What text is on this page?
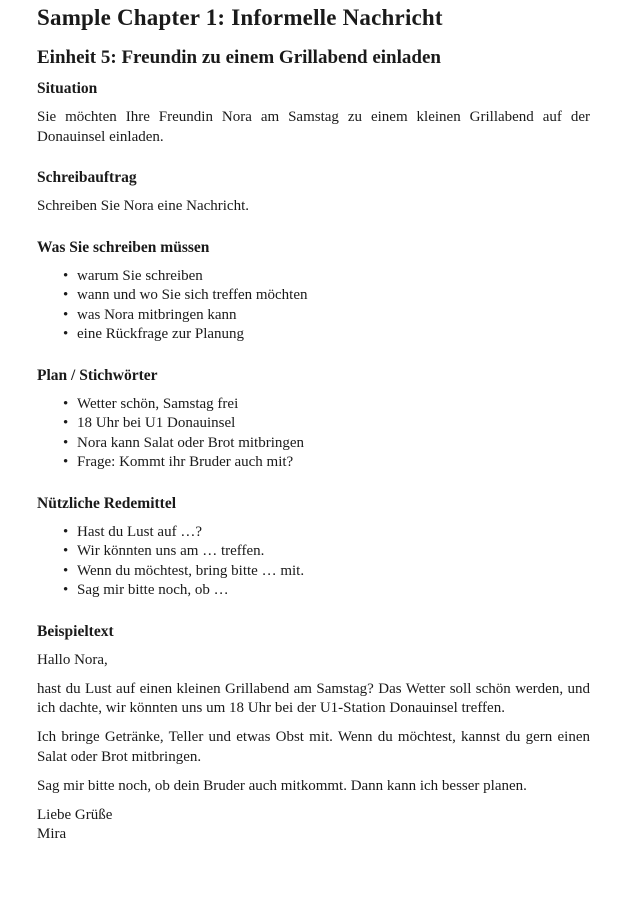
Sample Chapter 1: Informelle Nachricht
Einheit 5: Freundin zu einem Grillabend einladen
Situation

Sie möchten Ihre Freundin Nora am Samstag zu einem kleinen Grillabend auf der Donauinsel einladen.

Schreibauftrag

Schreiben Sie Nora eine Nachricht.

Was Sie schreiben müssen
• warum Sie schreiben
• wann und wo Sie sich treffen möchten
• was Nora mitbringen kann
• eine Rückfrage zur Planung
Plan / Stichwörter
• Wetter schön, Samstag frei
• 18 Uhr bei U1 Donauinsel
• Nora kann Salat oder Brot mitbringen
• Frage: Kommt ihr Bruder auch mit?
Nützliche Redemittel
• Hast du Lust auf …?
• Wir könnten uns am … treffen.
• Wenn du möchtest, bring bitte … mit.
• Sag mir bitte noch, ob …
Beispieltext

Hallo Nora,

hast du Lust auf einen kleinen Grillabend am Samstag? Das Wetter soll schön werden, und ich dachte, wir könnten uns um 18 Uhr bei der U1-Station Donauinsel treffen.

Ich bringe Getränke, Teller und etwas Obst mit. Wenn du möchtest, kannst du gern einen Salat oder Brot mitbringen.

Sag mir bitte noch, ob dein Bruder auch mitkommt. Dann kann ich besser planen.

Liebe Grüße
Mira
